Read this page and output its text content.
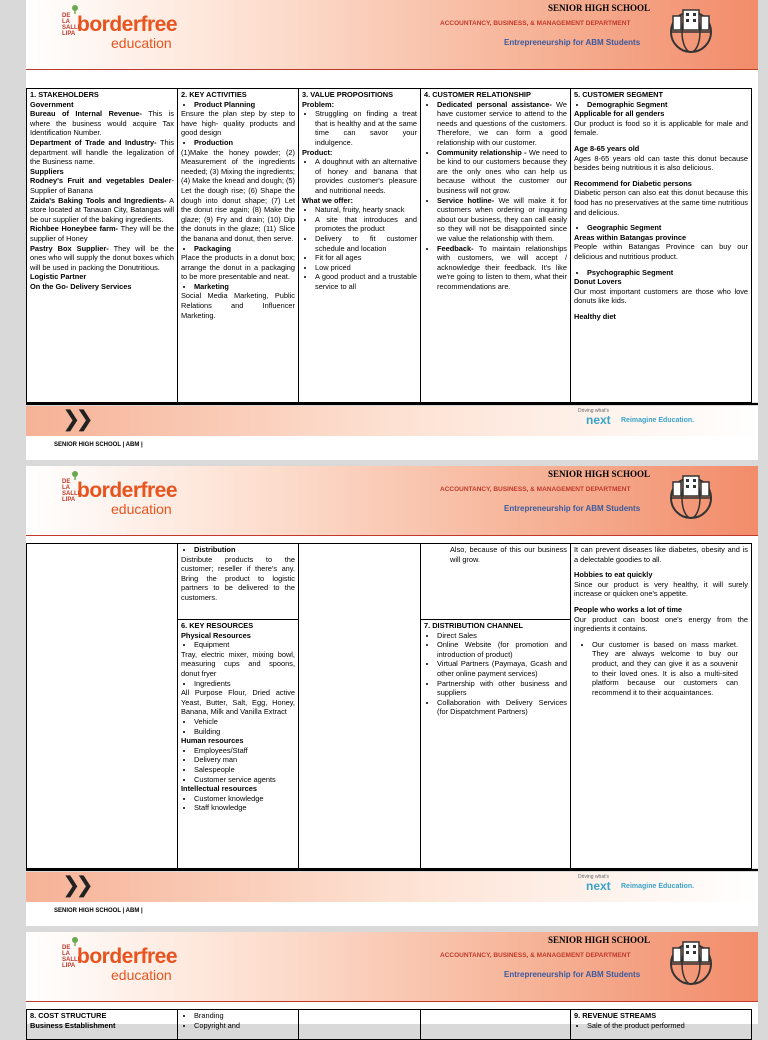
DE LA SALLE LIPA borderfree
education
SENIOR HIGH SCHOOL
ACCOUNTANCY, BUSINESS, & MANAGEMENT DEPARTMENT
Entrepreneurship for ABM Students
1. STAKEHOLDERS
Government
Bureau of Internal Revenue- This is where the business would acquire Tax Identification Number.
Department of Trade and Industry- This department will handle the legalization of the Business name.
Suppliers
Rodney's Fruit and vegetables Dealer- Supplier of Banana
Zaida's Baking Tools and Ingredients- A store located at Tanauan City, Batangas will be our supplier of the baking ingredients.
Richbee Honeybee farm- They will be the supplier of Honey
Pastry Box Supplier- They will be the ones who will supply the donut boxes which will be used in packing the Donutritious.
Logistic Partner
On the Go- Delivery Services
2. KEY ACTIVITIES
• Product Planning
Ensure the plan step by step to have high- quality products and good design
• Production
(1)Make the honey powder; (2) Measurement of the ingredients needed; (3) Mixing the ingredients; (4) Make the knead and dough; (5) Let the dough rise; (6) Shape the dough into donut shape; (7) Let the donut rise again; (8) Make the glaze; (9) Fry and drain; (10) Dip the donuts in the glaze; (11) Slice the banana and donut, then serve.
• Packaging
Place the products in a donut box; arrange the donut in a packaging to be more presentable and neat.
• Marketing
Social Media Marketing, Public Relations and Influencer Marketing.
3. VALUE PROPOSITIONS
Problem:
• Struggling on finding a treat that is healthy and at the same time can savor your indulgence.
Product:
• A doughnut with an alternative of honey and banana that provides customer's pleasure and nutritional needs.
What we offer:
• Natural, fruity, hearty snack
• A site that introduces and promotes the product
• Delivery to fit customer schedule and location
• Fit for all ages
• Low priced
• A good product and a trustable service to all
4. CUSTOMER RELATIONSHIP
• Dedicated personal assistance- We have customer service to attend to the needs and questions of the customers. Therefore, we can form a good relationship with our customer.
• Community relationship - We need to be kind to our customers because they are the only ones who can help us because without the customer our business will not grow.
• Service hotline- We will make it for customers when ordering or inquiring about our business, they can call easily so they will not be disappointed since we value the relationship with them.
• Feedback- To maintain relationships with customers, we will accept / acknowledge their feedback. It's like we're going to listen to them, what their recommendations are.
5. CUSTOMER SEGMENT
• Demographic Segment
Applicable for all genders
Our product is food so it is applicable for male and female.
Age 8-65 years old
Ages 8-65 years old can taste this donut because besides being nutritious it is also delicious.
Recommend for Diabetic persons
Diabetic person can also eat this donut because this food has no preservatives at the same time nutritious and delicious.
• Geographic Segment
Areas within Batangas province
People within Batangas Province can buy our delicious and nutritious product.
• Psychographic Segment
Donut Lovers
Our most important customers are those who love donuts like kids.
Healthy diet
❯❯	Driving what's
next Reimagine Education.
SENIOR HIGH SCHOOL | ABM |
DE LA SALLE LIPA borderfree
education
SENIOR HIGH SCHOOL
ACCOUNTANCY, BUSINESS, & MANAGEMENT DEPARTMENT
Entrepreneurship for ABM Students
• Distribution
Distribute products to the customer; reseller if there's any. Bring the product to logistic partners to be delivered to the customers.
Also, because of this our business will grow.
It can prevent diseases like diabetes, obesity and is a delectable goodies to all.
Hobbies to eat quickly
Since our product is very healthy, it will surely increase or quicken one's appetite.
People who works a lot of time
Our product can boost one's energy from the ingredients it contains.
• Our customer is based on mass market. They are always welcome to buy our product, and they can give it as a souvenir to their loved ones. It is also a multi-sited platform because our customers can recommend it to their acquaintances.
6. KEY RESOURCES
Physical Resources
• Equipment
Tray, electric mixer, mixing bowl, measuring cups and spoons, donut fryer
• Ingredients
All Purpose Flour, Dried active Yeast, Butter, Salt, Egg, Honey, Banana, Milk and Vanilla Extract
• Vehicle
• Building
Human resources
• Employees/Staff
• Delivery man
• Salespeople
• Customer service agents
Intellectual resources
• Customer knowledge
• Staff knowledge
7. DISTRIBUTION CHANNEL
• Direct Sales
• Online Website (for promotion and introduction of product)
• Virtual Partners (Paymaya, Gcash and other online payment services)
• Partnership with other business and suppliers
• Collaboration with Delivery Services (for Dispatchment Partners)
❯❯	Driving what's
next Reimagine Education.
SENIOR HIGH SCHOOL | ABM |
DE LA SALLE LIPA borderfree
education
SENIOR HIGH SCHOOL
ACCOUNTANCY, BUSINESS, & MANAGEMENT DEPARTMENT
Entrepreneurship for ABM Students
8. COST STRUCTURE
Business Establishment
• Branding
• Copyright and
9. REVENUE STREAMS
• Sale of the product performed
